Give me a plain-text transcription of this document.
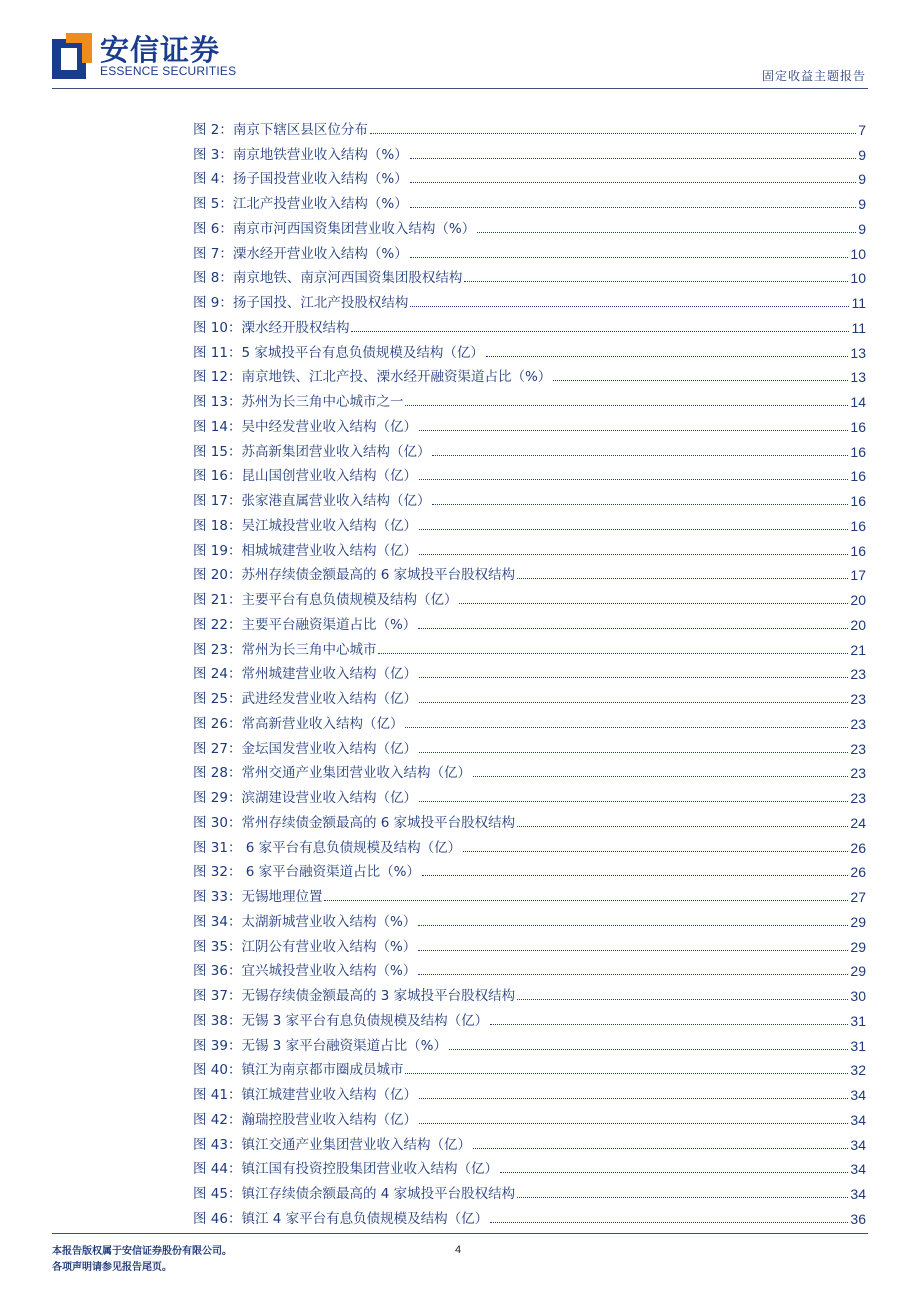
安信证券
ESSENCE SECURITIES	固定收益主题报告
图 2：南京下辖区县区位分布	7
图 3：南京地铁营业收入结构（%）	9
图 4：扬子国投营业收入结构（%）	9
图 5：江北产投营业收入结构（%）	9
图 6：南京市河西国资集团营业收入结构（%）	9
图 7：溧水经开营业收入结构（%）	10
图 8：南京地铁、南京河西国资集团股权结构	10
图 9：扬子国投、江北产投股权结构	11
图 10：溧水经开股权结构	11
图 11：5 家城投平台有息负债规模及结构（亿）	13
图 12：南京地铁、江北产投、溧水经开融资渠道占比（%）	13
图 13：苏州为长三角中心城市之一	14
图 14：吴中经发营业收入结构（亿）	16
图 15：苏高新集团营业收入结构（亿）	16
图 16：昆山国创营业收入结构（亿）	16
图 17：张家港直属营业收入结构（亿）	16
图 18：吴江城投营业收入结构（亿）	16
图 19：相城城建营业收入结构（亿）	16
图 20：苏州存续债金额最高的 6 家城投平台股权结构	17
图 21：主要平台有息负债规模及结构（亿）	20
图 22：主要平台融资渠道占比（%）	20
图 23：常州为长三角中心城市	21
图 24：常州城建营业收入结构（亿）	23
图 25：武进经发营业收入结构（亿）	23
图 26：常高新营业收入结构（亿）	23
图 27：金坛国发营业收入结构（亿）	23
图 28：常州交通产业集团营业收入结构（亿）	23
图 29：滨湖建设营业收入结构（亿）	23
图 30：常州存续债金额最高的 6 家城投平台股权结构	24
图 31： 6 家平台有息负债规模及结构（亿）	26
图 32： 6 家平台融资渠道占比（%）	26
图 33：无锡地理位置	27
图 34：太湖新城营业收入结构（%）	29
图 35：江阴公有营业收入结构（%）	29
图 36：宜兴城投营业收入结构（%）	29
图 37：无锡存续债金额最高的 3 家城投平台股权结构	30
图 38：无锡 3 家平台有息负债规模及结构（亿）	31
图 39：无锡 3 家平台融资渠道占比（%）	31
图 40：镇江为南京都市圈成员城市	32
图 41：镇江城建营业收入结构（亿）	34
图 42：瀚瑞控股营业收入结构（亿）	34
图 43：镇江交通产业集团营业收入结构（亿）	34
图 44：镇江国有投资控股集团营业收入结构（亿）	34
图 45：镇江存续债余额最高的 4 家城投平台股权结构	34
图 46：镇江 4 家平台有息负债规模及结构（亿）	36
本报告版权属于安信证券股份有限公司。
各项声明请参见报告尾页。
4
